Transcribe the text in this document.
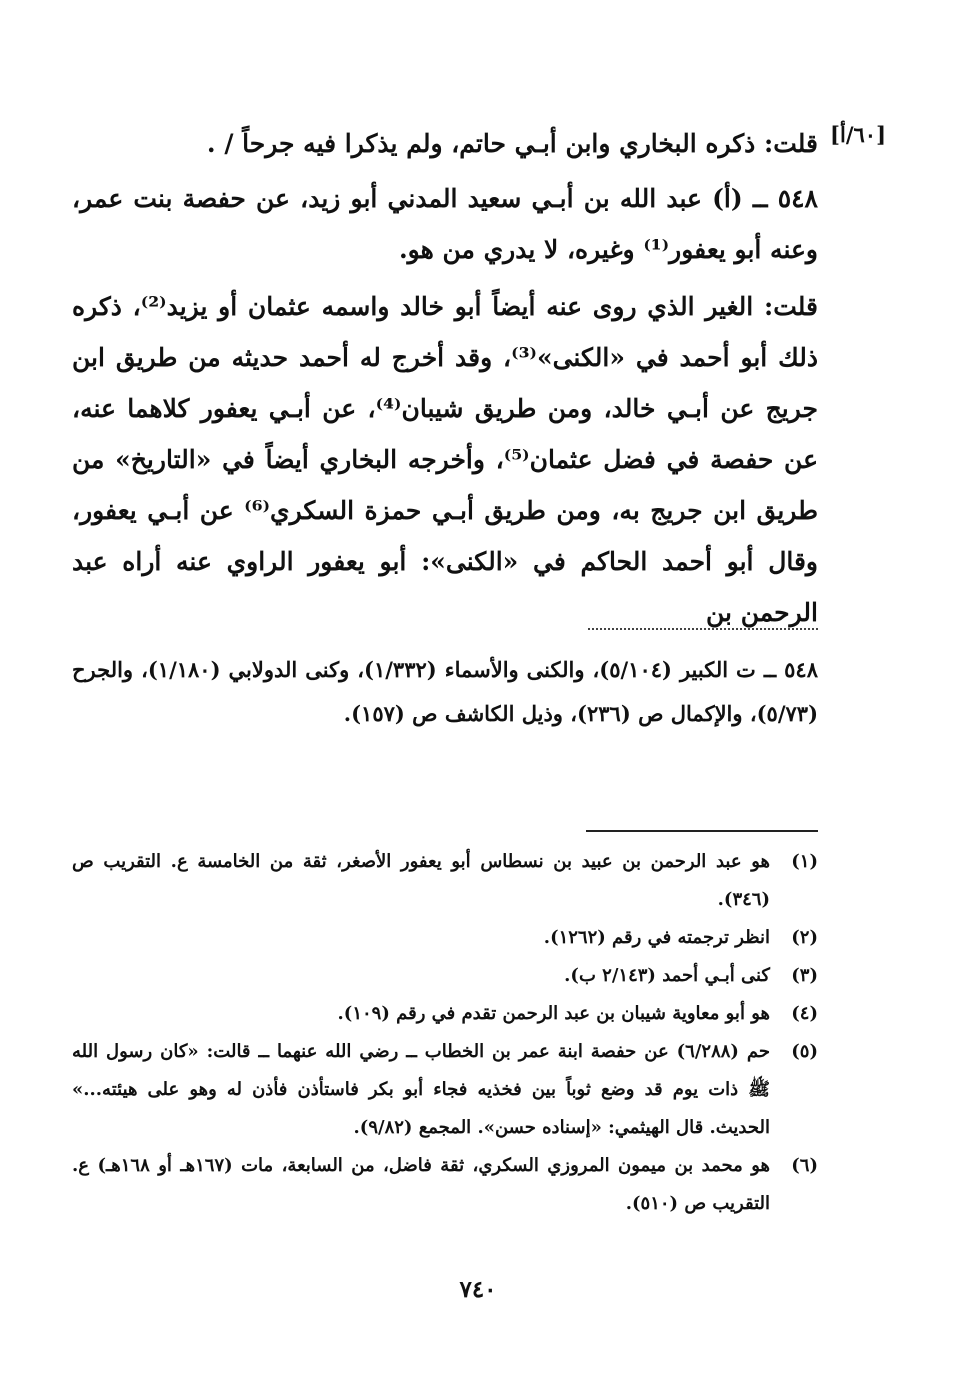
[٦٠/أ]

قلت: ذكره البخاري وابن أبـي حاتم، ولم يذكرا فيه جرحاً / .

٥٤٨ ــ (أ) عبد الله بن أبـي سعيد المدني أبو زيد، عن حفصة بنت عمر، وعنه أبو يعفور⁽¹⁾ وغيره، لا يدري من هو.

قلت: الغير الذي روى عنه أيضاً أبو خالد واسمه عثمان أو يزيد⁽²⁾، ذكره ذلك أبو أحمد في «الكنى»⁽³⁾، وقد أخرج له أحمد حديثه من طريق ابن جريج عن أبـي خالد، ومن طريق شيبان⁽⁴⁾، عن أبـي يعفور كلاهما عنه، عن حفصة في فضل عثمان⁽⁵⁾، وأخرجه البخاري أيضاً في «التاريخ» من طريق ابن جريج به، ومن طريق أبـي حمزة السكري⁽⁶⁾ عن أبـي يعفور، وقال أبو أحمد الحاكم في «الكنى»: أبو يعفور الراوي عنه أراه عبد الرحمن بن

٥٤٨ ــ ت الكبير (٥/١٠٤)، والكنى والأسماء (١/٣٣٢)، وكنى الدولابي (١/١٨٠)، والجرح (٥/٧٣)، والإكمال ص (٢٣٦)، وذيل الكاشف ص (١٥٧).
(١)
هو عبد الرحمن بن عبيد بن نسطاس أبو يعفور الأصغر، ثقة من الخامسة ع. التقريب ص (٣٤٦).
(٢)
انظر ترجمته في رقم (١٢٦٢).
(٣)
كنى أبـي أحمد (٢/١٤٣ ب).
(٤)
هو أبو معاوية شيبان بن عبد الرحمن تقدم في رقم (١٠٩).
(٥)
حم (٦/٢٨٨) عن حفصة ابنة عمر بن الخطاب ــ رضي الله عنهما ــ قالت: «كان رسول الله ﷺ ذات يوم قد وضع ثوباً بين فخذيه فجاء أبو بكر فاستأذن فأذن له وهو على هيئته...» الحديث. قال الهيثمي: «إسناده حسن». المجمع (٩/٨٢).
(٦)
هو محمد بن ميمون المروزي السكري، ثقة فاضل، من السابعة، مات (١٦٧هـ أو ١٦٨هـ) ع. التقريب ص (٥١٠).
٧٤٠
